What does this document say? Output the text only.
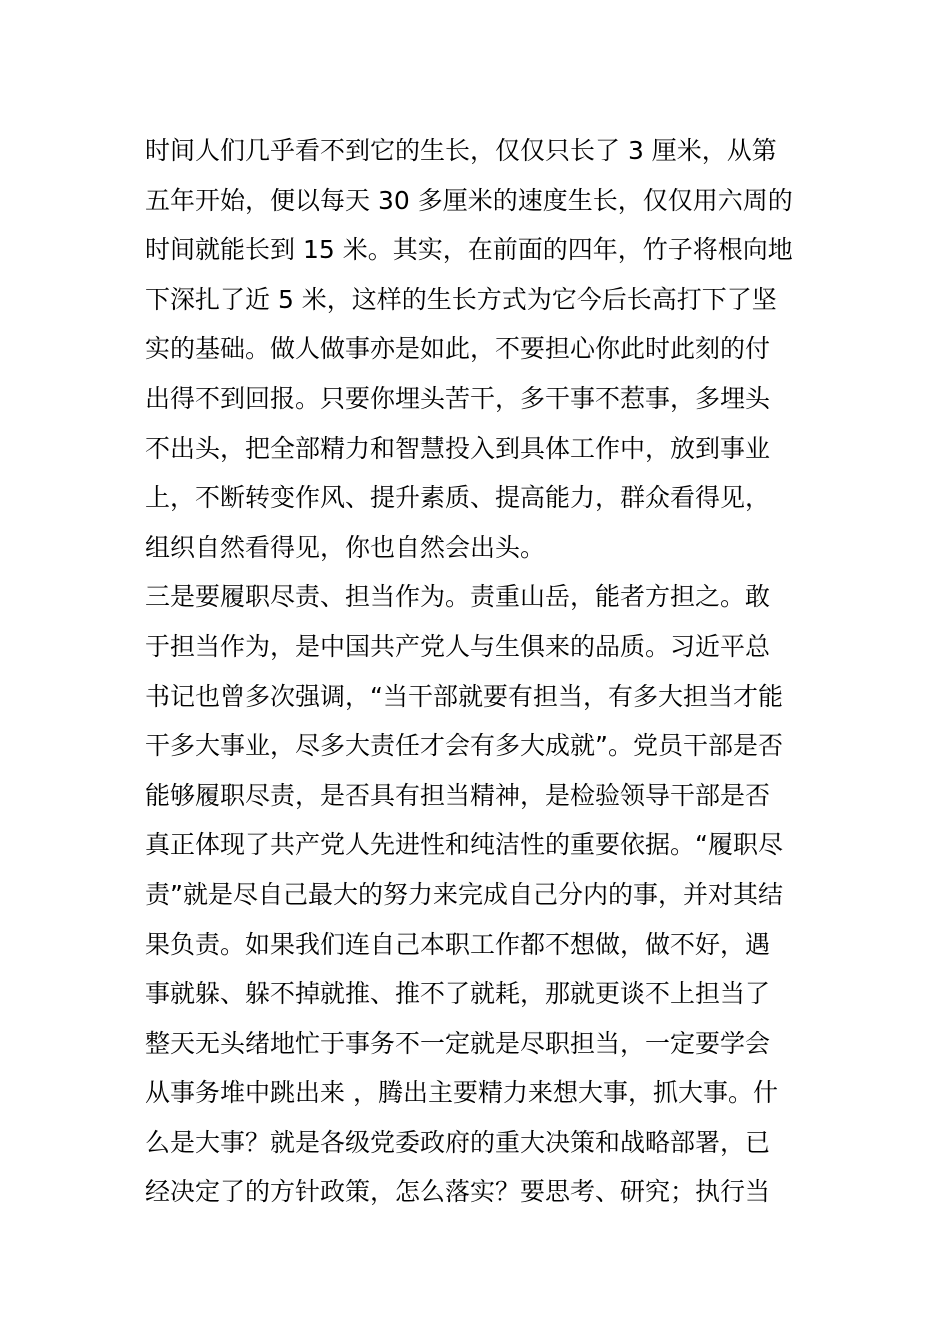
时间人们几乎看不到它的生长，仅仅只长了 3 厘米，从第
五年开始，便以每天 30 多厘米的速度生长，仅仅用六周的
时间就能长到 15 米。其实，在前面的四年，竹子将根向地
下深扎了近 5 米，这样的生长方式为它今后长高打下了坚
实的基础。做人做事亦是如此，不要担心你此时此刻的付
出得不到回报。只要你埋头苦干，多干事不惹事，多埋头
不出头，把全部精力和智慧投入到具体工作中，放到事业
上，不断转变作风、提升素质、提高能力，群众看得见，
组织自然看得见，你也自然会出头。
三是要履职尽责、担当作为。责重山岳，能者方担之。敢
于担当作为，是中国共产党人与生俱来的品质。习近平总
书记也曾多次强调，“当干部就要有担当，有多大担当才能
干多大事业，尽多大责任才会有多大成就”。党员干部是否
能够履职尽责，是否具有担当精神，是检验领导干部是否
真正体现了共产党人先进性和纯洁性的重要依据。“履职尽
责”就是尽自己最大的努力来完成自己分内的事，并对其结
果负责。如果我们连自己本职工作都不想做，做不好，遇
事就躲、躲不掉就推、推不了就耗，那就更谈不上担当了
整天无头绪地忙于事务不一定就是尽职担当，一定要学会
从事务堆中跳出来 ，腾出主要精力来想大事，抓大事。什
么是大事？就是各级党委政府的重大决策和战略部署，已
经决定了的方针政策，怎么落实？要思考、研究；执行当
